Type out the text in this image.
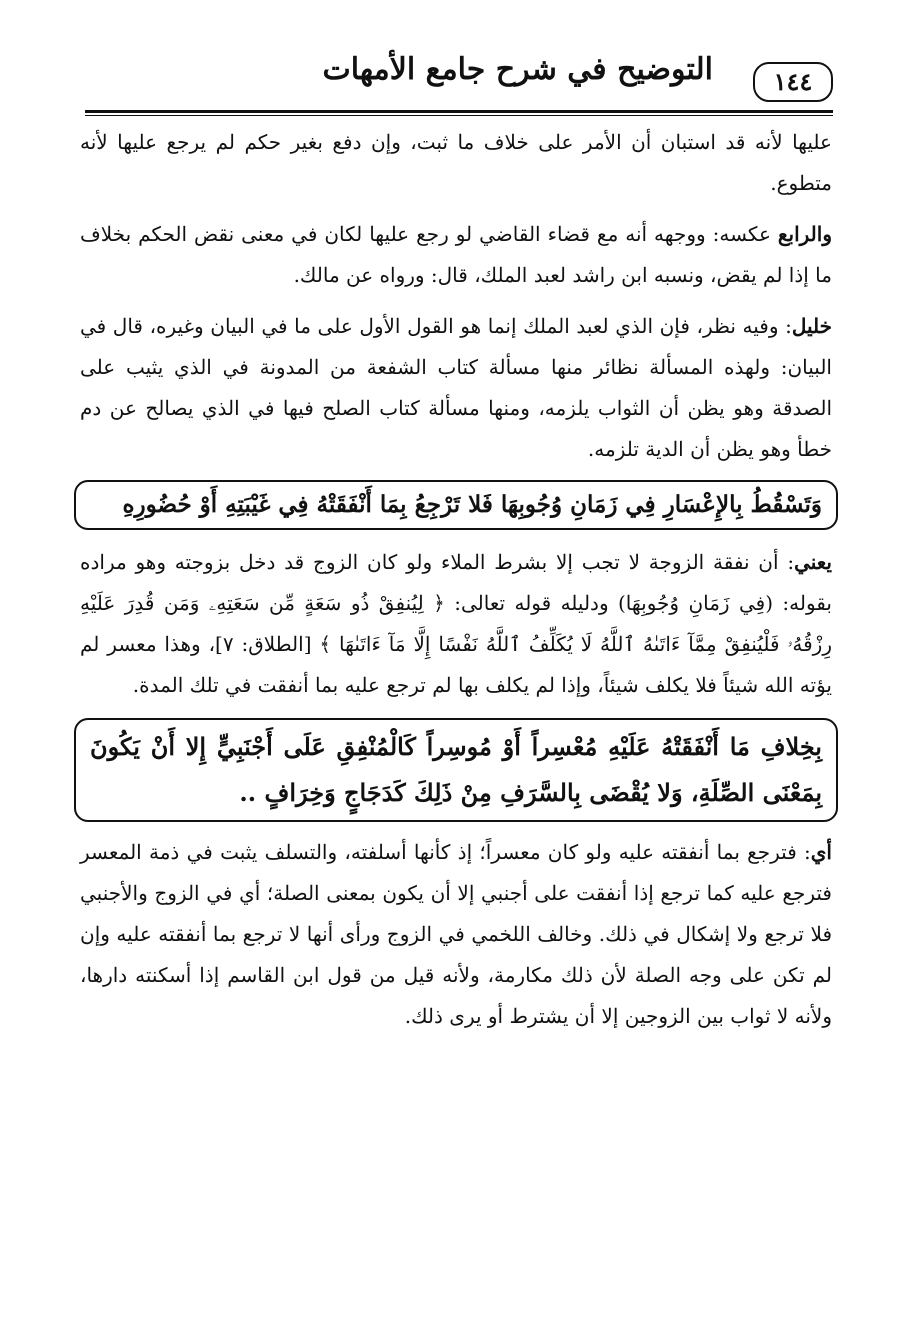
التوضيح في شرح جامع الأمهات	١٤٤

عليها لأنه قد استبان أن الأمر على خلاف ما ثبت، وإن دفع بغير حكم لم يرجع عليها لأنه متطوع.

والرابع عكسه: ووجهه أنه مع قضاء القاضي لو رجع عليها لكان في معنى نقض الحكم بخلاف ما إذا لم يقض، ونسبه ابن راشد لعبد الملك، قال: ورواه عن مالك.

خليل: وفيه نظر، فإن الذي لعبد الملك إنما هو القول الأول على ما في البيان وغيره، قال في البيان: ولهذه المسألة نظائر منها مسألة كتاب الشفعة من المدونة في الذي يثيب على الصدقة وهو يظن أن الثواب يلزمه، ومنها مسألة كتاب الصلح فيها في الذي يصالح عن دم خطأ وهو يظن أن الدية تلزمه.

وَتَسْقُطُ بِالإِعْسَارِ فِي زَمَانِ وُجُوبِهَا فَلا تَرْجِعُ بِمَا أَنْفَقَتْهُ فِي غَيْبَتِهِ أَوْ حُضُورِهِ

يعني: أن نفقة الزوجة لا تجب إلا بشرط الملاء ولو كان الزوج قد دخل بزوجته وهو مراده بقوله: (فِي زَمَانِ وُجُوبِهَا) ودليله قوله تعالى: ﴿ لِيُنفِقْ ذُو سَعَةٍ مِّن سَعَتِهِۦ وَمَن قُدِرَ عَلَيْهِ رِزْقُهُۥ فَلْيُنفِقْ مِمَّآ ءَاتَىٰهُ ٱللَّهُ لَا يُكَلِّفُ ٱللَّهُ نَفْسًا إِلَّا مَآ ءَاتَىٰهَا ﴾ [الطلاق: ٧]، وهذا معسر لم يؤته الله شيئاً فلا يكلف شيئاً، وإذا لم يكلف بها لم ترجع عليه بما أنفقت في تلك المدة.

بِخِلافِ مَا أَنْفَقَتْهُ عَلَيْهِ مُعْسِراً أَوْ مُوسِراً كَالْمُنْفِقِ عَلَى أَجْنَبِيٍّ إِلا أَنْ يَكُونَ بِمَعْنَى الصِّلَةِ، وَلا يُقْضَى بِالسَّرَفِ مِنْ ذَلِكَ كَدَجَاجٍ وَخِرَافٍ ..

أي: فترجع بما أنفقته عليه ولو كان معسراً؛ إذ كأنها أسلفته، والتسلف يثبت في ذمة المعسر فترجع عليه كما ترجع إذا أنفقت على أجنبي إلا أن يكون بمعنى الصلة؛ أي في الزوج والأجنبي فلا ترجع ولا إشكال في ذلك. وخالف اللخمي في الزوج ورأى أنها لا ترجع بما أنفقته عليه وإن لم تكن على وجه الصلة لأن ذلك مكارمة، ولأنه قيل من قول ابن القاسم إذا أسكنته دارها، ولأنه لا ثواب بين الزوجين إلا أن يشترط أو يرى ذلك.
